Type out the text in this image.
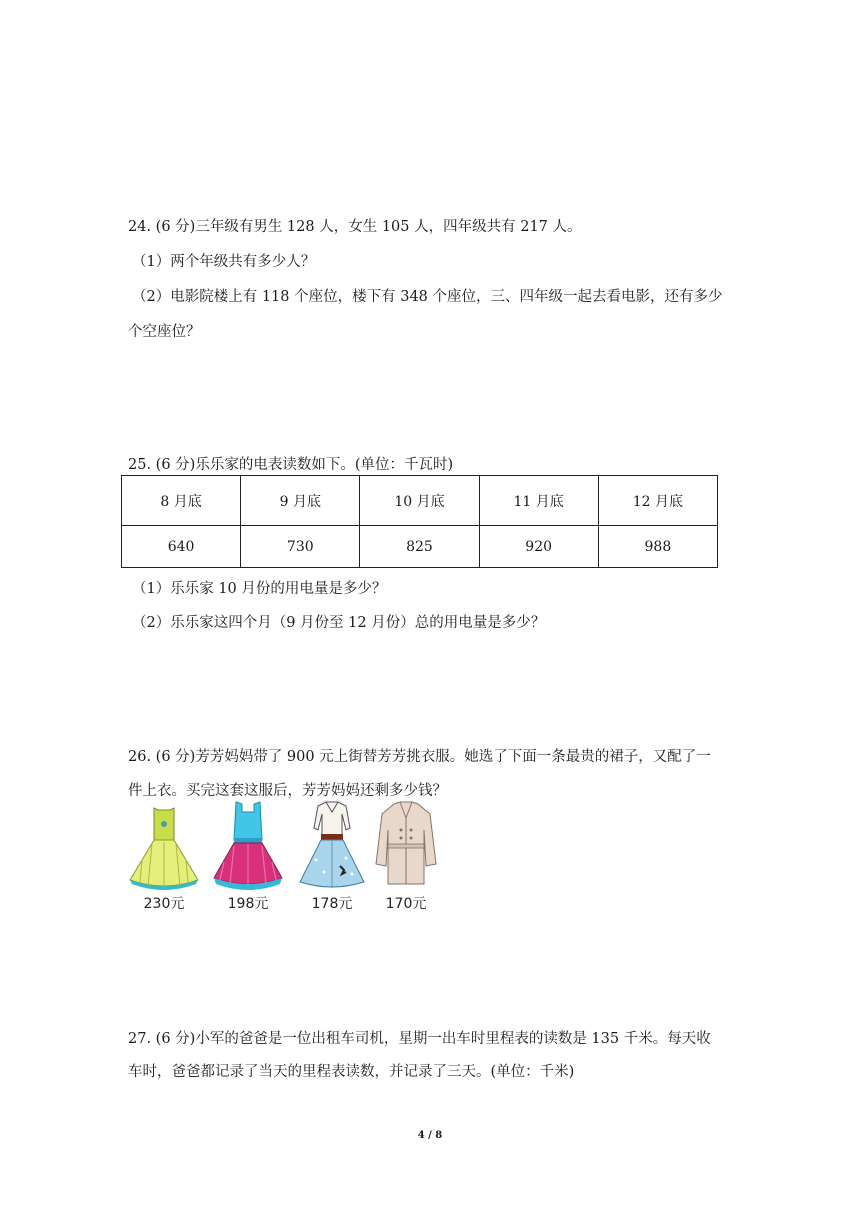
24. (6 分)三年级有男生 128 人，女生 105 人，四年级共有 217 人。
（1）两个年级共有多少人？
（2）电影院楼上有 118 个座位，楼下有 348 个座位，三、四年级一起去看电影，还有多少
个空座位？
25. (6 分)乐乐家的电表读数如下。(单位：千瓦时)
8 月底	9 月底	10 月底	11 月底	12 月底
640	730	825	920	988
（1）乐乐家 10 月份的用电量是多少？
（2）乐乐家这四个月（9 月份至 12 月份）总的用电量是多少？
26. (6 分)芳芳妈妈带了 900 元上街替芳芳挑衣服。她选了下面一条最贵的裙子，又配了一
件上衣。买完这套这服后，芳芳妈妈还剩多少钱？
230元	198元	178元	170元
27. (6 分)小军的爸爸是一位出租车司机，星期一出车时里程表的读数是 135 千米。每天收
车时，爸爸都记录了当天的里程表读数，并记录了三天。(单位：千米)
4 / 8
